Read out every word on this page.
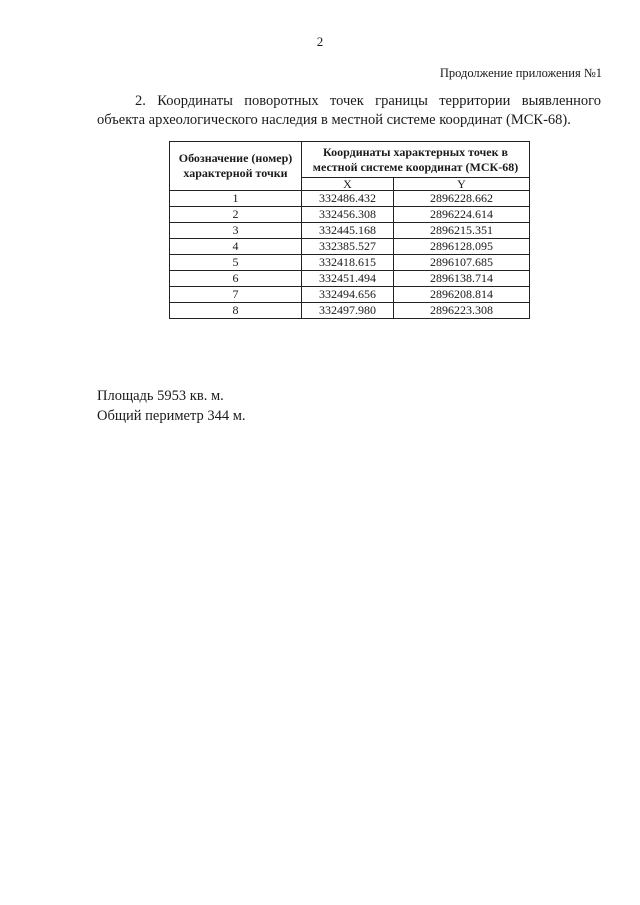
2
Продолжение приложения №1

2. Координаты поворотных точек границы территории выявленного объекта археологического наследия в местной системе координат (МСК-68).

Обозначение (номер) характерной точки	Координаты характерных точек в местной системе координат (МСК-68)	
	X	Y
1	332486.432	2896228.662
2	332456.308	2896224.614
3	332445.168	2896215.351
4	332385.527	2896128.095
5	332418.615	2896107.685
6	332451.494	2896138.714
7	332494.656	2896208.814
8	332497.980	2896223.308
Площадь 5953 кв. м.
Общий периметр 344 м.
